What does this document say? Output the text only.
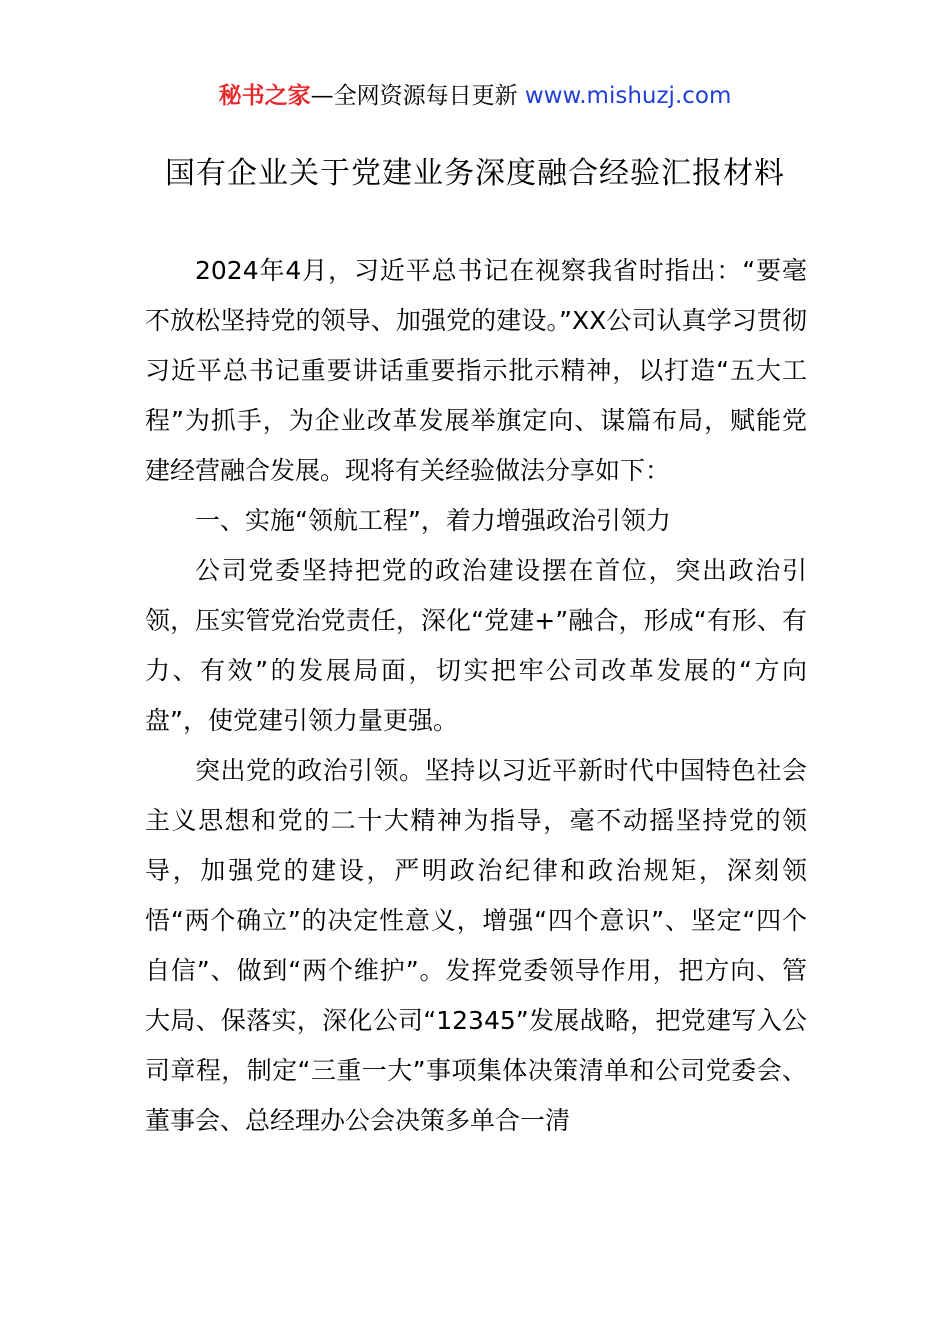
秘书之家—全网资源每日更新 www.mishuzj.com
国有企业关于党建业务深度融合经验汇报材料

2024年4月，习近平总书记在视察我省时指出：“要毫不放松坚持党的领导、加强党的建设。”XX公司认真学习贯彻习近平总书记重要讲话重要指示批示精神，以打造“五大工程”为抓手，为企业改革发展举旗定向、谋篇布局，赋能党建经营融合发展。现将有关经验做法分享如下：

一、实施“领航工程”，着力增强政治引领力

公司党委坚持把党的政治建设摆在首位，突出政治引领，压实管党治党责任，深化“党建+”融合，形成“有形、有力、有效”的发展局面，切实把牢公司改革发展的“方向盘”，使党建引领力量更强。

突出党的政治引领。坚持以习近平新时代中国特色社会主义思想和党的二十大精神为指导，毫不动摇坚持党的领导，加强党的建设，严明政治纪律和政治规矩，深刻领悟“两个确立”的决定性意义，增强“四个意识”、坚定“四个自信”、做到“两个维护”。发挥党委领导作用，把方向、管大局、保落实，深化公司“12345”发展战略，把党建写入公司章程，制定“三重一大”事项集体决策清单和公司党委会、董事会、总经理办公会决策多单合一清
